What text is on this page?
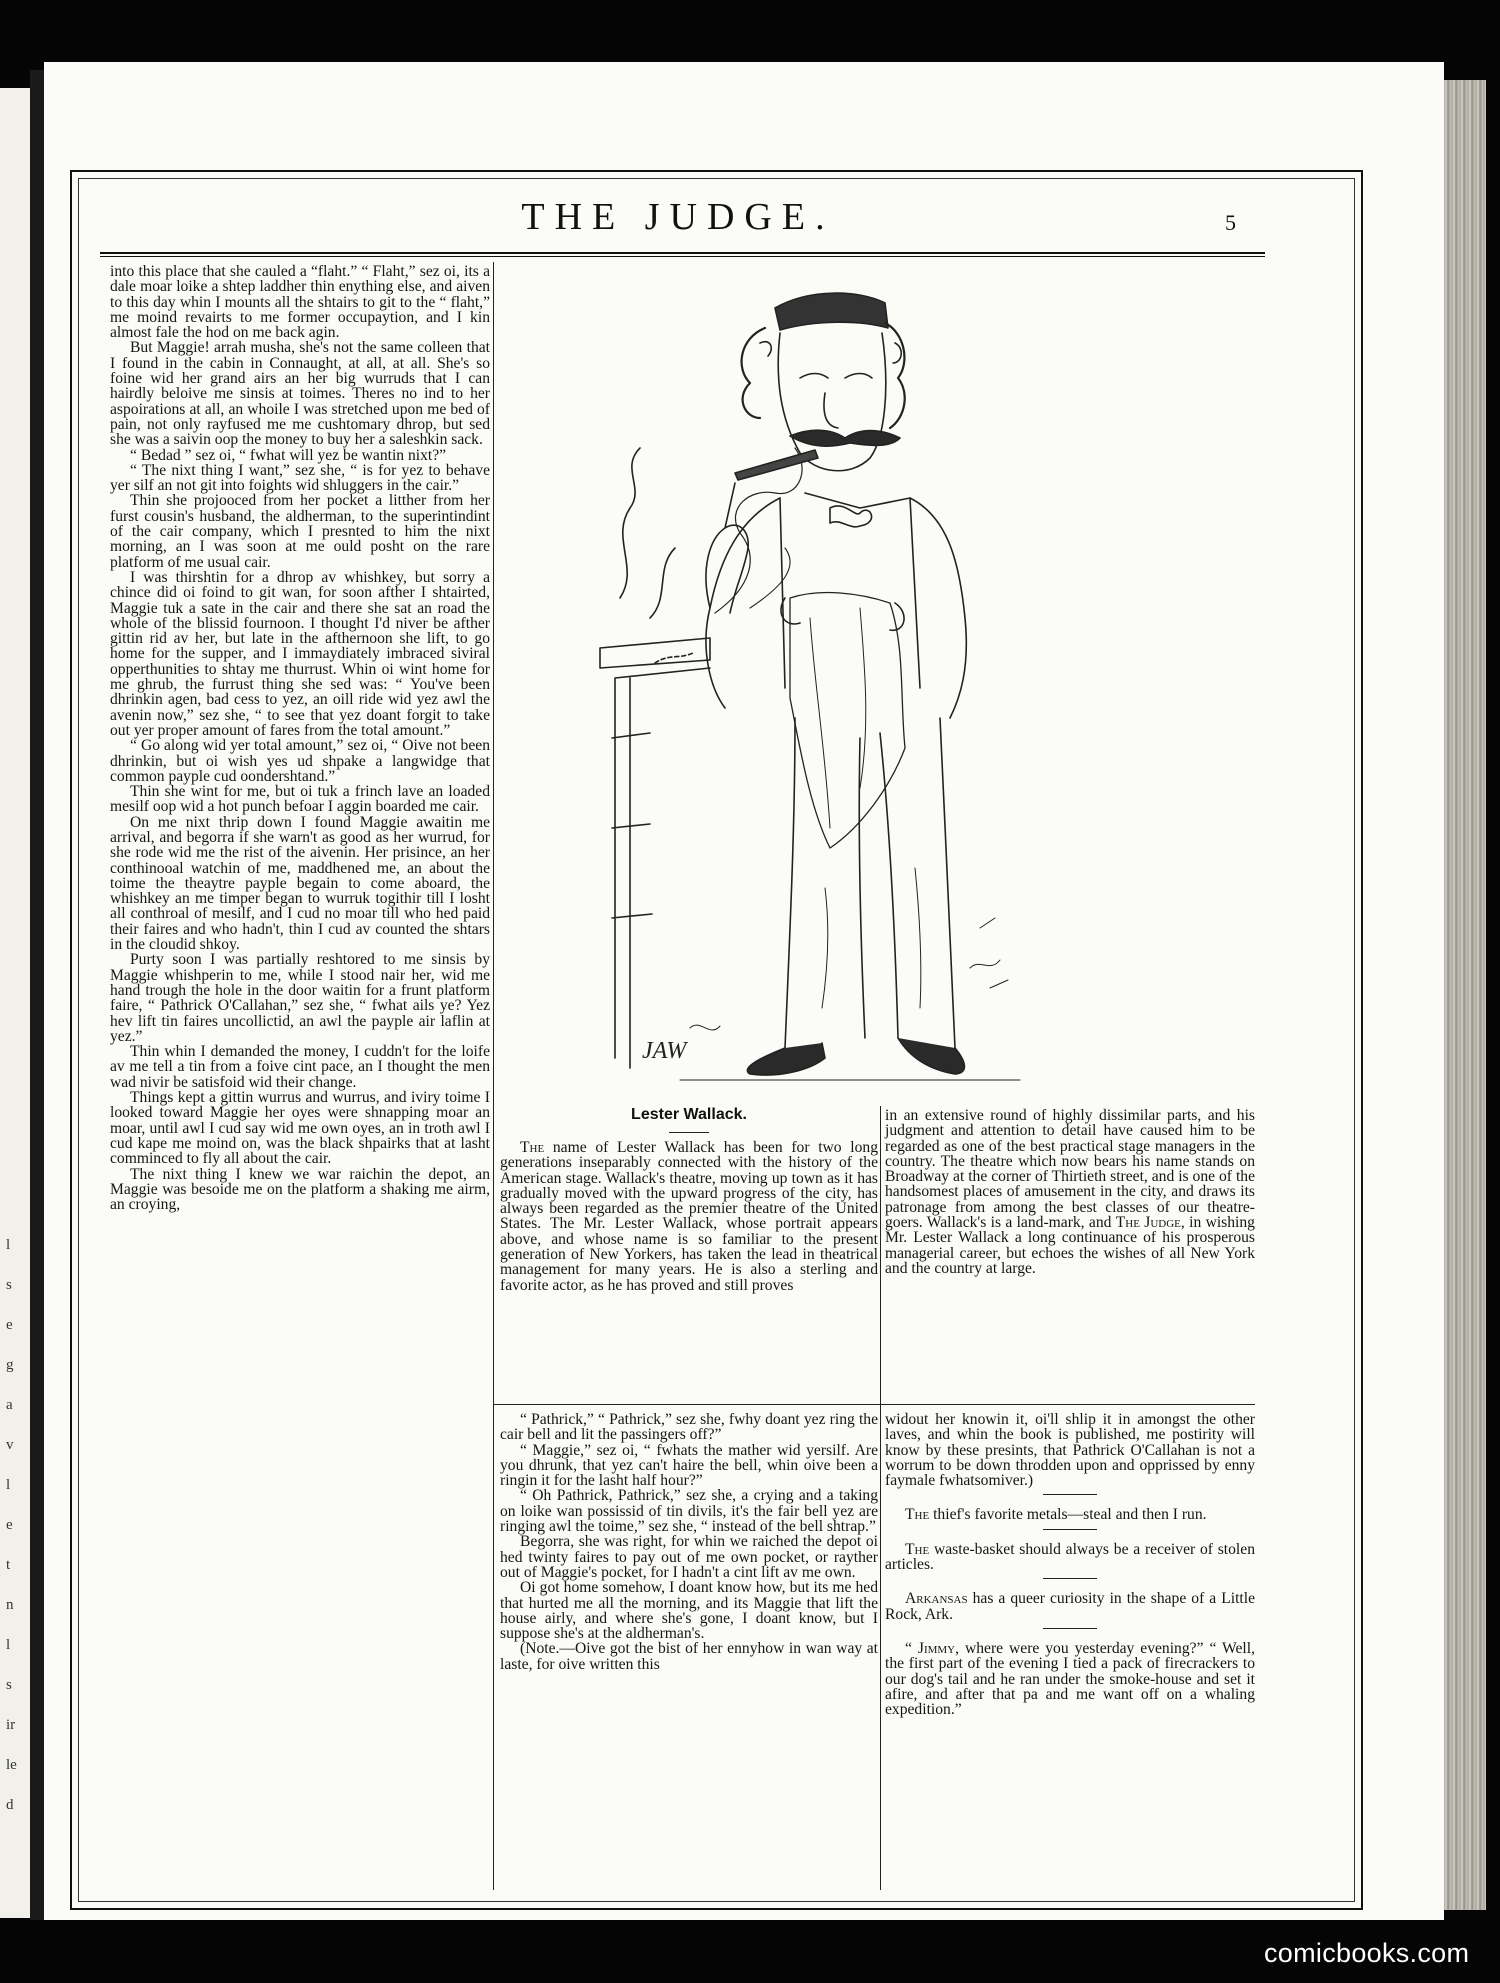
l
s
e
g
a
v
l
e
t
n
l
s
ir
le
d
THE JUDGE.	5

into this place that she cauled a “flaht.” “ Flaht,” sez oi, its a dale moar loike a shtep laddher thin enything else, and aiven to this day whin I mounts all the shtairs to git to the “ flaht,” me moind revairts to me former occupaytion, and I kin almost fale the hod on me back agin.

But Maggie! arrah musha, she's not the same colleen that I found in the cabin in Connaught, at all, at all. She's so foine wid her grand airs an her big wurruds that I can hairdly beloive me sinsis at toimes. Theres no ind to her aspoirations at all, an whoile I was stretched upon me bed of pain, not only rayfused me me cushtomary dhrop, but sed she was a saivin oop the money to buy her a saleshkin sack.

“ Bedad ” sez oi, “ fwhat will yez be wantin nixt?”

“ The nixt thing I want,” sez she, “ is for yez to behave yer silf an not git into foights wid shluggers in the cair.”

Thin she projooced from her pocket a litther from her furst cousin's husband, the aldherman, to the superintindint of the cair company, which I presnted to him the nixt morning, an I was soon at me ould posht on the rare platform of me usual cair.

I was thirshtin for a dhrop av whishkey, but sorry a chince did oi foind to git wan, for soon afther I shtairted, Maggie tuk a sate in the cair and there she sat an road the whole of the blissid fournoon. I thought I'd niver be afther gittin rid av her, but late in the afthernoon she lift, to go home for the supper, and I immaydiately imbraced siviral opperthunities to shtay me thurrust. Whin oi wint home for me ghrub, the furrust thing she sed was: “ You've been dhrinkin agen, bad cess to yez, an oill ride wid yez awl the avenin now,” sez she, “ to see that yez doant forgit to take out yer proper amount of fares from the total amount.”

“ Go along wid yer total amount,” sez oi, “ Oive not been dhrinkin, but oi wish yes ud shpake a langwidge that common payple cud oondershtand.”

Thin she wint for me, but oi tuk a frinch lave an loaded mesilf oop wid a hot punch befoar I aggin boarded me cair.

On me nixt thrip down I found Maggie awaitin me arrival, and begorra if she warn't as good as her wurrud, for she rode wid me the rist of the aivenin. Her prisince, an her conthinooal watchin of me, maddhened me, an about the toime the theaytre payple begain to come aboard, the whishkey an me timper began to wurruk togithir till I losht all conthroal of mesilf, and I cud no moar till who hed paid their faires and who hadn't, thin I cud av counted the shtars in the cloudid shkoy.

Purty soon I was partially reshtored to me sinsis by Maggie whishperin to me, while I stood nair her, wid me hand trough the hole in the door waitin for a frunt platform faire, “ Pathrick O'Callahan,” sez she, “ fwhat ails ye? Yez hev lift tin faires uncollictid, an awl the payple air laflin at yez.”

Thin whin I demanded the money, I cuddn't for the loife av me tell a tin from a foive cint pace, an I thought the men wad nivir be satisfoid wid their change.

Things kept a gittin wurrus and wurrus, and iviry toime I looked toward Maggie her oyes were shnapping moar an moar, until awl I cud say wid me own oyes, an in troth awl I cud kape me moind on, was the black shpairks that at lasht comminced to fly all about the cair.

The nixt thing I knew we war raichin the depot, an Maggie was besoide me on the platform a shaking me airm, an croying,

JAW
Lester Wallack.

The name of Lester Wallack has been for two long generations inseparably connected with the history of the American stage. Wallack's theatre, moving up town as it has gradually moved with the upward progress of the city, has always been regarded as the premier theatre of the United States. The Mr. Lester Wallack, whose portrait appears above, and whose name is so familiar to the present generation of New Yorkers, has taken the lead in theatrical management for many years. He is also a sterling and favorite actor, as he has proved and still proves

in an extensive round of highly dissimilar parts, and his judgment and attention to detail have caused him to be regarded as one of the best practical stage managers in the country. The theatre which now bears his name stands on Broadway at the corner of Thirtieth street, and is one of the handsomest places of amusement in the city, and draws its patronage from among the best classes of our theatre-goers. Wallack's is a land-mark, and The Judge, in wishing Mr. Lester Wallack a long continuance of his prosperous managerial career, but echoes the wishes of all New York and the country at large.

“ Pathrick,” “ Pathrick,” sez she, fwhy doant yez ring the cair bell and lit the passingers off?”

“ Maggie,” sez oi, “ fwhats the mather wid yersilf. Are you dhrunk, that yez can't haire the bell, whin oive been a ringin it for the lasht half hour?”

“ Oh Pathrick, Pathrick,” sez she, a crying and a taking on loike wan possissid of tin divils, it's the fair bell yez are ringing awl the toime,” sez she, “ instead of the bell shtrap.”

Begorra, she was right, for whin we raiched the depot oi hed twinty faires to pay out of me own pocket, or rayther out of Maggie's pocket, for I hadn't a cint lift av me own.

Oi got home somehow, I doant know how, but its me hed that hurted me all the morning, and its Maggie that lift the house airly, and where she's gone, I doant know, but I suppose she's at the aldherman's.

(Note.—Oive got the bist of her ennyhow in wan way at laste, for oive written this

widout her knowin it, oi'll shlip it in amongst the other laves, and whin the book is published, me postirity will know by these presints, that Pathrick O'Callahan is not a worrum to be down throdden upon and opprissed by enny faymale fwhatsomiver.)

The thief's favorite metals—steal and then I run.

The waste-basket should always be a receiver of stolen articles.

Arkansas has a queer curiosity in the shape of a Little Rock, Ark.

“ Jimmy, where were you yesterday evening?” “ Well, the first part of the evening I tied a pack of firecrackers to our dog's tail and he ran under the smoke-house and set it afire, and after that pa and me want off on a whaling expedition.”

comicbooks.com
